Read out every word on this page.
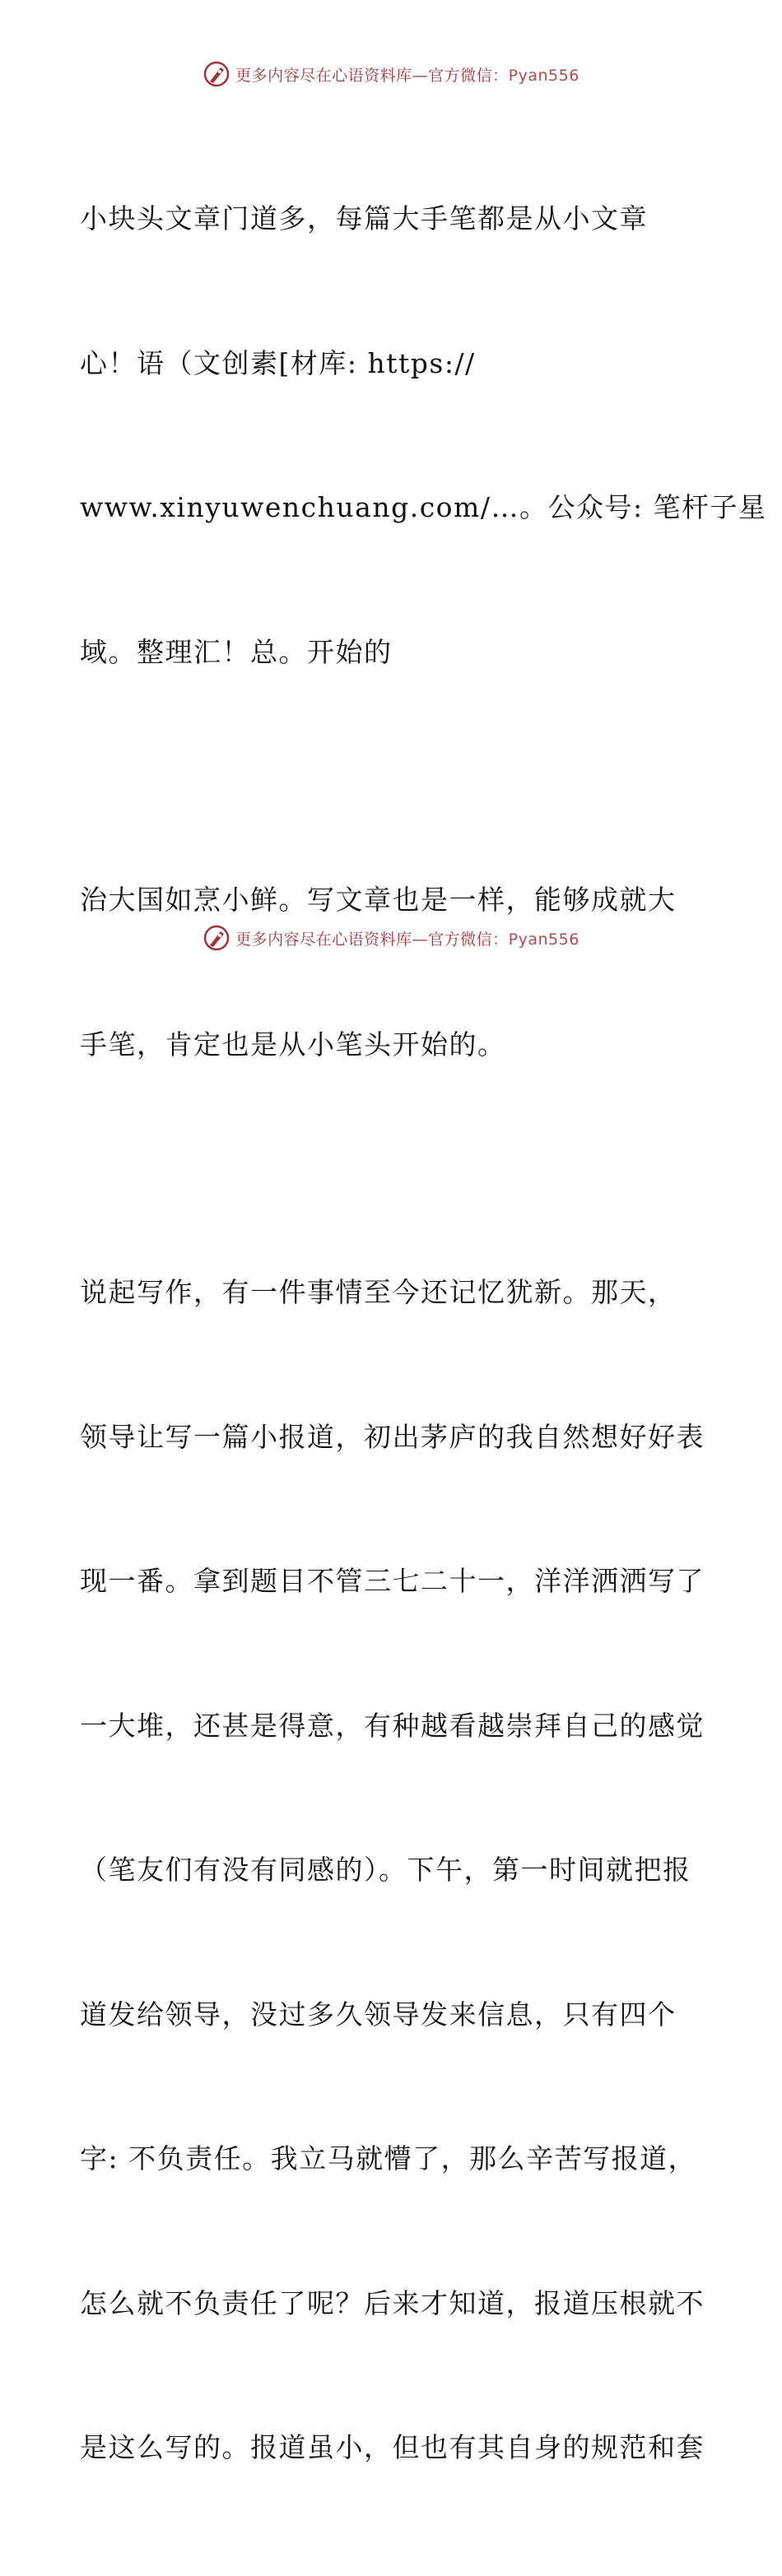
更多内容尽在心语资料库—官方微信：Pyan556

小块头文章门道多，每篇大手笔都是从小文章

心！语（文创素[材库: https://

www.xinyuwenchuang.com/…。公众号: 笔杆子星

域。整理汇！总。开始的

治大国如烹小鲜。写文章也是一样，能够成就大

手笔，肯定也是从小笔头开始的。

说起写作，有一件事情至今还记忆犹新。那天，

领导让写一篇小报道，初出茅庐的我自然想好好表

现一番。拿到题目不管三七二十一，洋洋洒洒写了

一大堆，还甚是得意，有种越看越崇拜自己的感觉

（笔友们有没有同感的）。下午，第一时间就把报

道发给领导，没过多久领导发来信息，只有四个

字: 不负责任。我立马就懵了，那么辛苦写报道，

怎么就不负责任了呢？后来才知道，报道压根就不

是这么写的。报道虽小，但也有其自身的规范和套

更多内容尽在心语资料库—官方微信：Pyan556
